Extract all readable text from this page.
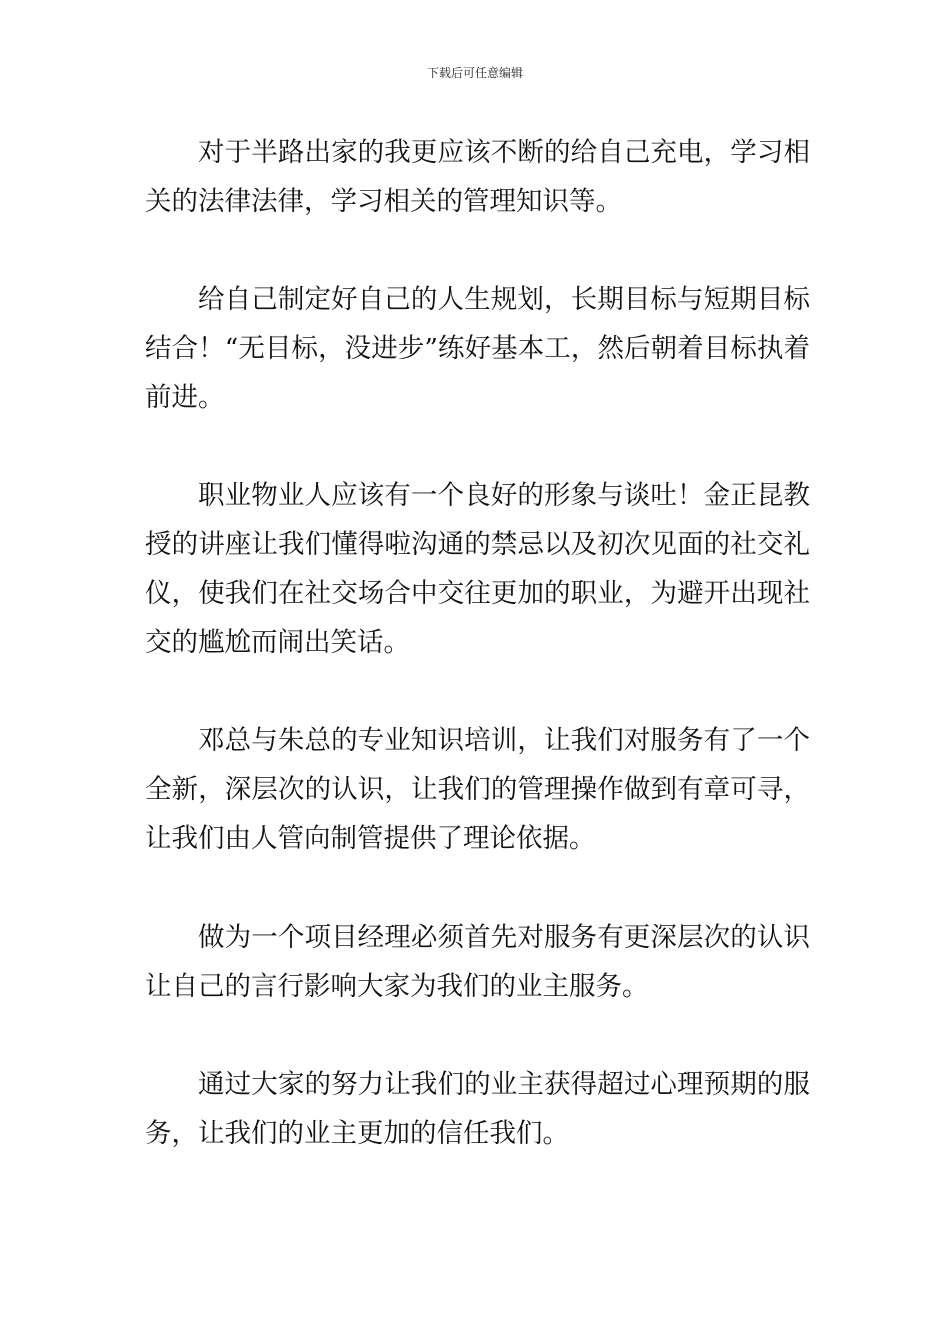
下载后可任意编辑

对于半路出家的我更应该不断的给自己充电，学习相关的法律法律，学习相关的管理知识等。

给自己制定好自己的人生规划，长期目标与短期目标结合！“无目标，没进步”练好基本工，然后朝着目标执着前进。

职业物业人应该有一个良好的形象与谈吐！金正昆教授的讲座让我们懂得啦沟通的禁忌以及初次见面的社交礼仪，使我们在社交场合中交往更加的职业，为避开出现社交的尴尬而闹出笑话。

邓总与朱总的专业知识培训，让我们对服务有了一个全新，深层次的认识，让我们的管理操作做到有章可寻，让我们由人管向制管提供了理论依据。

做为一个项目经理必须首先对服务有更深层次的认识让自己的言行影响大家为我们的业主服务。

通过大家的努力让我们的业主获得超过心理预期的服务，让我们的业主更加的信任我们。
